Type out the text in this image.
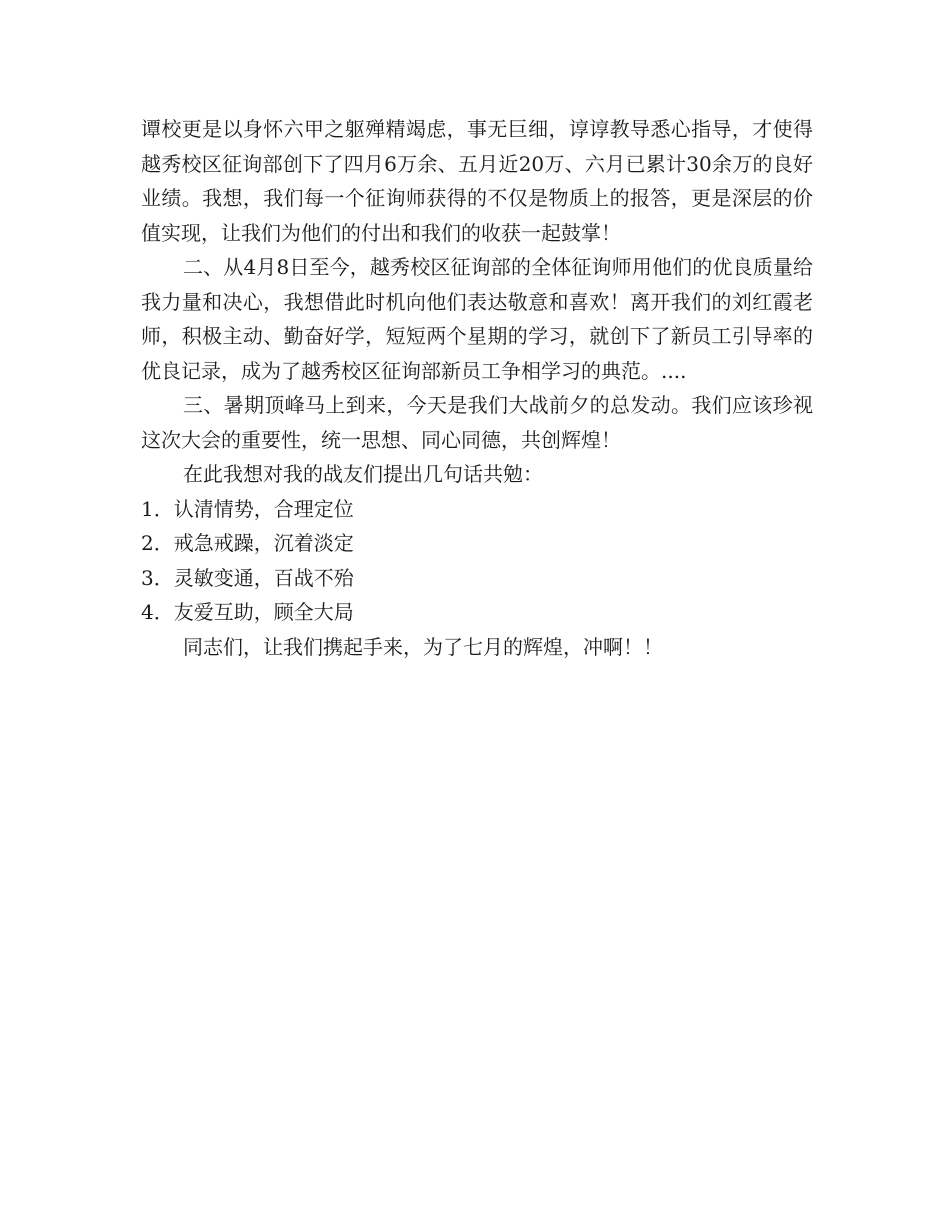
谭校更是以身怀六甲之躯殚精竭虑，事无巨细，谆谆教导悉心指导，才使得越秀校区征询部创下了四月6万余、五月近20万、六月已累计30余万的良好业绩。我想，我们每一个征询师获得的不仅是物质上的报答，更是深层的价值实现，让我们为他们的付出和我们的收获一起鼓掌！

二、从4月8日至今，越秀校区征询部的全体征询师用他们的优良质量给我力量和决心，我想借此时机向他们表达敬意和喜欢！离开我们的刘红霞老师，积极主动、勤奋好学，短短两个星期的学习，就创下了新员工引导率的优良记录，成为了越秀校区征询部新员工争相学习的典范。....

三、暑期顶峰马上到来，今天是我们大战前夕的总发动。我们应该珍视这次大会的重要性，统一思想、同心同德，共创辉煌！

在此我想对我的战友们提出几句话共勉：

1．认清情势，合理定位

2．戒急戒躁，沉着淡定

3．灵敏变通，百战不殆

4．友爱互助，顾全大局

同志们，让我们携起手来，为了七月的辉煌，冲啊！！
